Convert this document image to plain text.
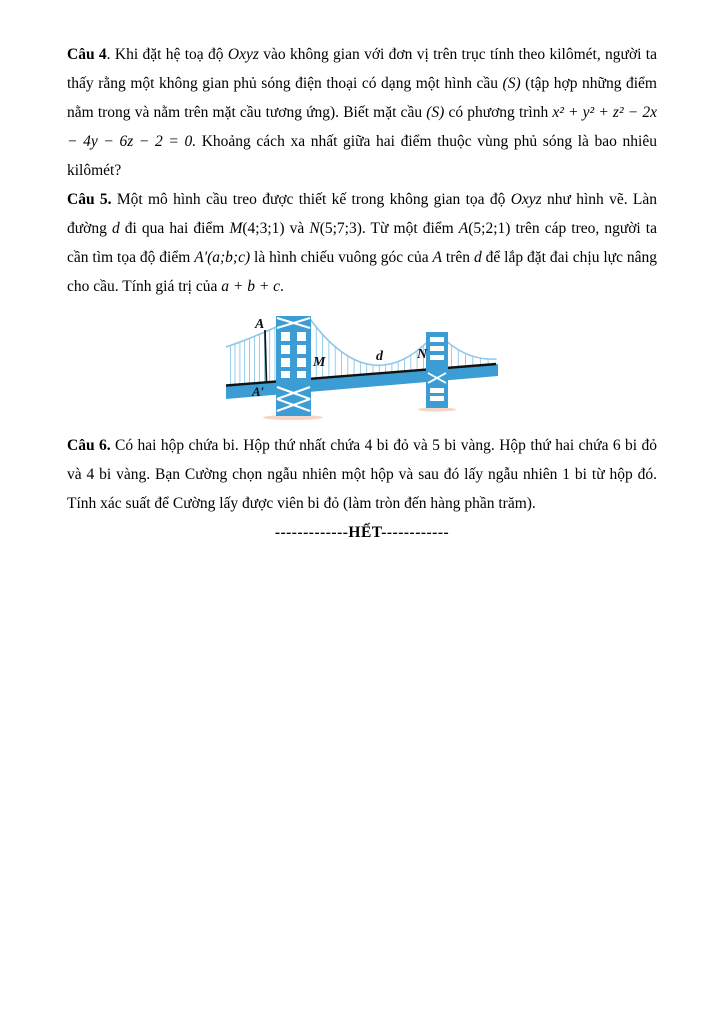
Câu 4. Khi đặt hệ toạ độ Oxyz vào không gian với đơn vị trên trục tính theo kilômét, người ta thấy rằng một không gian phủ sóng điện thoại có dạng một hình cầu (S) (tập hợp những điểm nằm trong và nằm trên mặt cầu tương ứng). Biết mặt cầu (S) có phương trình x² + y² + z² − 2x − 4y − 6z − 2 = 0. Khoảng cách xa nhất giữa hai điểm thuộc vùng phủ sóng là bao nhiêu kilômét?

Câu 5. Một mô hình cầu treo được thiết kế trong không gian tọa độ Oxyz như hình vẽ. Làn đường d đi qua hai điểm M(4;3;1) và N(5;7;3). Từ một điểm A(5;2;1) trên cáp treo, người ta cần tìm tọa độ điểm A′(a;b;c) là hình chiếu vuông góc của A trên d để lắp đặt đai chịu lực nâng cho cầu. Tính giá trị của a + b + c.

A
A′
M	d N

Câu 6. Có hai hộp chứa bi. Hộp thứ nhất chứa 4 bi đỏ và 5 bi vàng. Hộp thứ hai chứa 6 bi đỏ và 4 bi vàng. Bạn Cường chọn ngẫu nhiên một hộp và sau đó lấy ngẫu nhiên 1 bi từ hộp đó. Tính xác suất để Cường lấy được viên bi đỏ (làm tròn đến hàng phần trăm).

-------------HẾT------------
